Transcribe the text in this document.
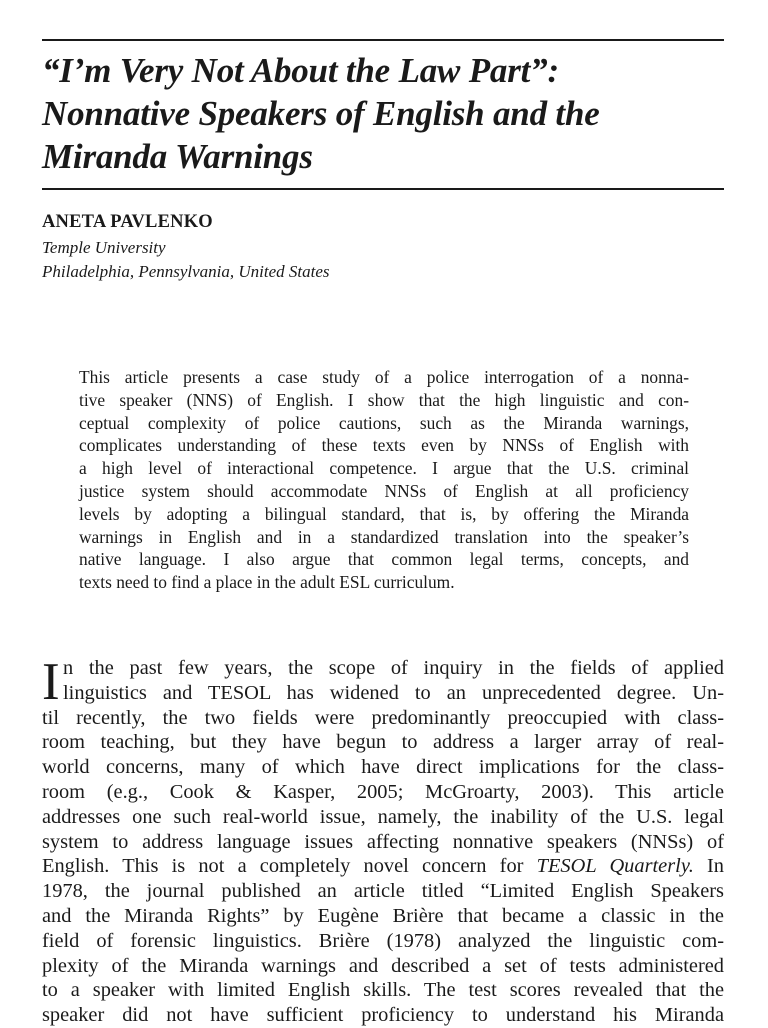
“I’m Very Not About the Law Part”:
Nonnative Speakers of English and the
Miranda Warnings

ANETA PAVLENKO

Temple University
Philadelphia, Pennsylvania, United States
This article presents a case study of a police interrogation of a nonna-
tive speaker (NNS) of English. I show that the high linguistic and con-
ceptual complexity of police cautions, such as the Miranda warnings,
complicates understanding of these texts even by NNSs of English with
a high level of interactional competence. I argue that the U.S. criminal
justice system should accommodate NNSs of English at all proficiency
levels by adopting a bilingual standard, that is, by offering the Miranda
warnings in English and in a standardized translation into the speaker’s
native language. I also argue that common legal terms, concepts, and
texts need to find a place in the adult ESL curriculum.
I n the past few years, the scope of inquiry in the fields of applied
linguistics and TESOL has widened to an unprecedented degree. Un-
til recently, the two fields were predominantly preoccupied with class-
room teaching, but they have begun to address a larger array of real-
world concerns, many of which have direct implications for the class-
room (e.g., Cook & Kasper, 2005; McGroarty, 2003). This article
addresses one such real-world issue, namely, the inability of the U.S. legal
system to address language issues affecting nonnative speakers (NNSs) of
English. This is not a completely novel concern for TESOL Quarterly. In
1978, the journal published an article titled “Limited English Speakers
and the Miranda Rights” by Eugène Brière that became a classic in the
field of forensic linguistics. Brière (1978) analyzed the linguistic com-
plexity of the Miranda warnings and described a set of tests administered
to a speaker with limited English skills. The test scores revealed that the
speaker did not have sufficient proficiency to understand his Miranda
